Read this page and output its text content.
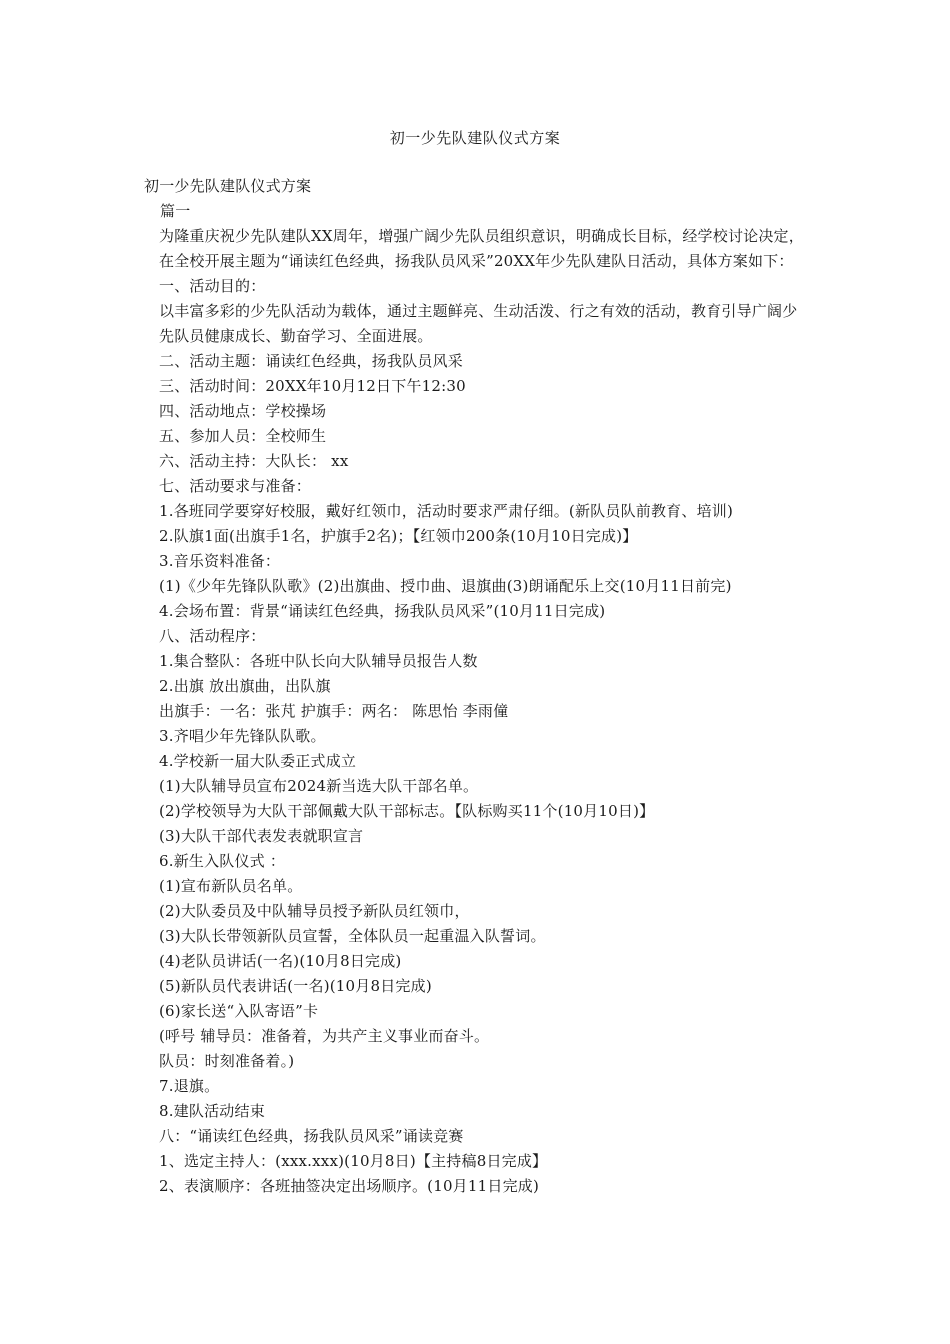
初一少先队建队仪式方案
初一少先队建队仪式方案
篇一
为隆重庆祝少先队建队XX周年，增强广阔少先队员组织意识，明确成长目标，经学校讨论决定，在全校开展主题为“诵读红色经典，扬我队员风采”20XX年少先队建队日活动，具体方案如下：
一、活动目的：
以丰富多彩的少先队活动为载体，通过主题鲜亮、生动活泼、行之有效的活动，教育引导广阔少先队员健康成长、勤奋学习、全面进展。
二、活动主题：诵读红色经典，扬我队员风采
三、活动时间：20XX年10月12日下午12:30
四、活动地点：学校操场
五、参加人员：全校师生
六、活动主持：大队长： xx
七、活动要求与准备：
1.各班同学要穿好校服，戴好红领巾，活动时要求严肃仔细。(新队员队前教育、培训)
2.队旗1面(出旗手1名，护旗手2名)；【红领巾200条(10月10日完成)】
3.音乐资料准备：
(1)《少年先锋队队歌》(2)出旗曲、授巾曲、退旗曲(3)朗诵配乐上交(10月11日前完)
4.会场布置：背景“诵读红色经典，扬我队员风采”(10月11日完成)
八、活动程序：
1.集合整队：各班中队长向大队辅导员报告人数
2.出旗 放出旗曲，出队旗
出旗手：一名：张芃 护旗手：两名： 陈思怡 李雨僮
3.齐唱少年先锋队队歌。
4.学校新一届大队委正式成立
(1)大队辅导员宣布2024新当选大队干部名单。
(2)学校领导为大队干部佩戴大队干部标志。【队标购买11个(10月10日)】
(3)大队干部代表发表就职宣言
6.新生入队仪式 ：
(1)宣布新队员名单。
(2)大队委员及中队辅导员授予新队员红领巾，
(3)大队长带领新队员宣誓，全体队员一起重温入队誓词。
(4)老队员讲话(一名)(10月8日完成)
(5)新队员代表讲话(一名)(10月8日完成)
(6)家长送“入队寄语”卡
(呼号 辅导员：准备着，为共产主义事业而奋斗。
队员：时刻准备着。)
7.退旗。
8.建队活动结束
八：“诵读红色经典，扬我队员风采”诵读竞赛
1、选定主持人：(xxx.xxx)(10月8日)【主持稿8日完成】
2、表演顺序：各班抽签决定出场顺序。(10月11日完成)
